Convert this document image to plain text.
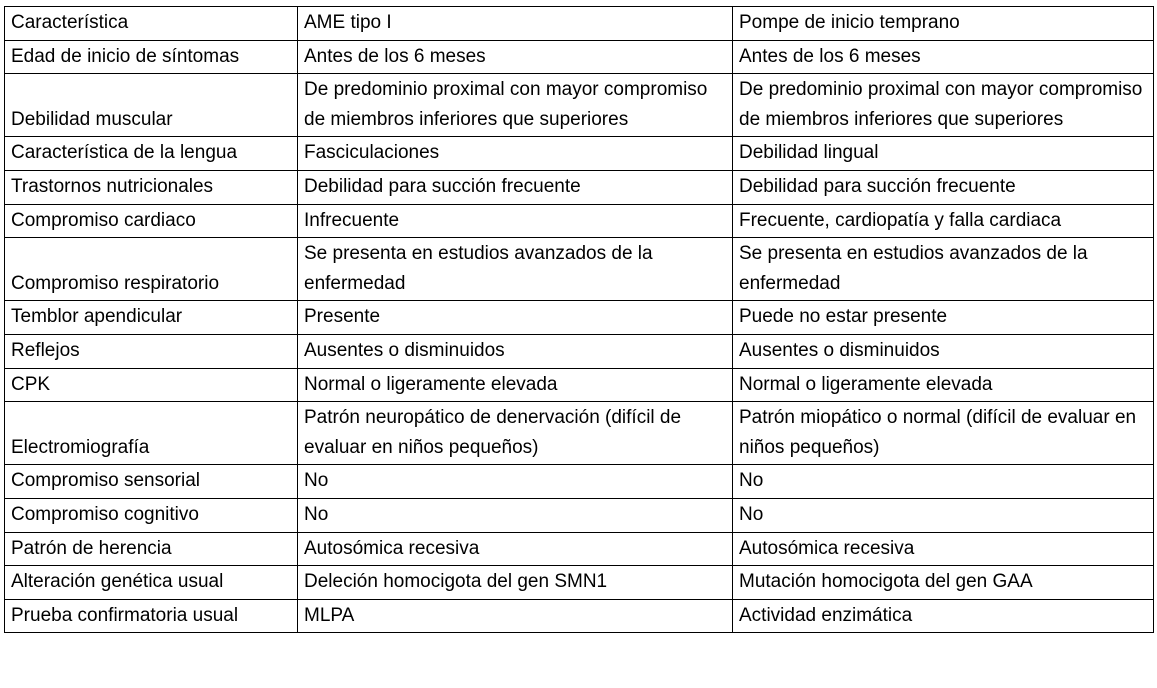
Característica	AME tipo I	Pompe de inicio temprano
Edad de inicio de síntomas	Antes de los 6 meses	Antes de los 6 meses
Debilidad muscular	De predominio proximal con mayor compromiso de miembros inferiores que superiores	De predominio proximal con mayor compromiso de miembros inferiores que superiores
Característica de la lengua	Fasciculaciones	Debilidad lingual
Trastornos nutricionales	Debilidad para succión frecuente	Debilidad para succión frecuente
Compromiso cardiaco	Infrecuente	Frecuente, cardiopatía y falla cardiaca
Compromiso respiratorio	Se presenta en estudios avanzados de la enfermedad	Se presenta en estudios avanzados de la enfermedad
Temblor apendicular	Presente	Puede no estar presente
Reflejos	Ausentes o disminuidos	Ausentes o disminuidos
CPK	Normal o ligeramente elevada	Normal o ligeramente elevada
Electromiografía	Patrón neuropático de denervación (difícil de evaluar en niños pequeños)	Patrón miopático o normal (difícil de evaluar en niños pequeños)
Compromiso sensorial	No	No
Compromiso cognitivo	No	No
Patrón de herencia	Autosómica recesiva	Autosómica recesiva
Alteración genética usual	Deleción homocigota del gen SMN1	Mutación homocigota del gen GAA
Prueba confirmatoria usual	MLPA	Actividad enzimática
